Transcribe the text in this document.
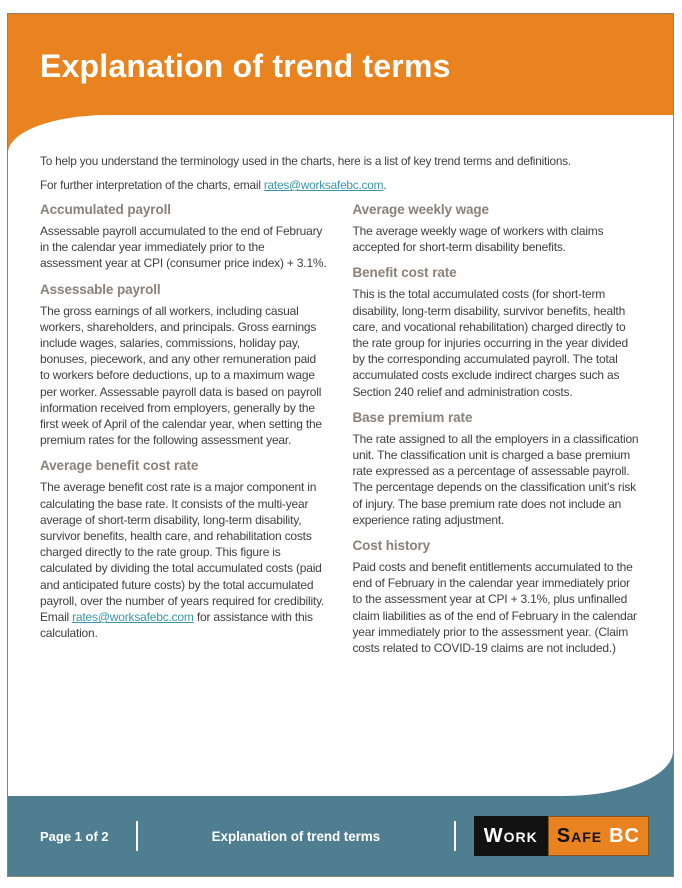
Explanation of trend terms

To help you understand the terminology used in the charts, here is a list of key trend terms and definitions.

For further interpretation of the charts, email rates@worksafebc.com.

Accumulated payroll

Assessable payroll accumulated to the end of February in the calendar year immediately prior to the assessment year at CPI (consumer price index) + 3.1%.

Assessable payroll

The gross earnings of all workers, including casual workers, shareholders, and principals. Gross earnings include wages, salaries, commissions, holiday pay, bonuses, piecework, and any other remuneration paid to workers before deductions, up to a maximum wage per worker. Assessable payroll data is based on payroll information received from employers, generally by the first week of April of the calendar year, when setting the premium rates for the following assessment year.

Average benefit cost rate

The average benefit cost rate is a major component in calculating the base rate. It consists of the multi-year average of short-term disability, long-term disability, survivor benefits, health care, and rehabilitation costs charged directly to the rate group. This figure is calculated by dividing the total accumulated costs (paid and anticipated future costs) by the total accumulated payroll, over the number of years required for credibility. Email rates@worksafebc.com for assistance with this calculation.

Average weekly wage

The average weekly wage of workers with claims accepted for short-term disability benefits.

Benefit cost rate

This is the total accumulated costs (for short-term disability, long-term disability, survivor benefits, health care, and vocational rehabilitation) charged directly to the rate group for injuries occurring in the year divided by the corresponding accumulated payroll. The total accumulated costs exclude indirect charges such as Section 240 relief and administration costs.

Base premium rate

The rate assigned to all the employers in a classification unit. The classification unit is charged a base premium rate expressed as a percentage of assessable payroll. The percentage depends on the classification unit’s risk of injury. The base premium rate does not include an experience rating adjustment.

Cost history

Paid costs and benefit entitlements accumulated to the end of February in the calendar year immediately prior to the assessment year at CPI + 3.1%, plus unfinalled claim liabilities as of the end of February in the calendar year immediately prior to the assessment year. (Claim costs related to COVID-19 claims are not included.)

Page 1 of 2	Explanation of trend terms	Work Safe BC
